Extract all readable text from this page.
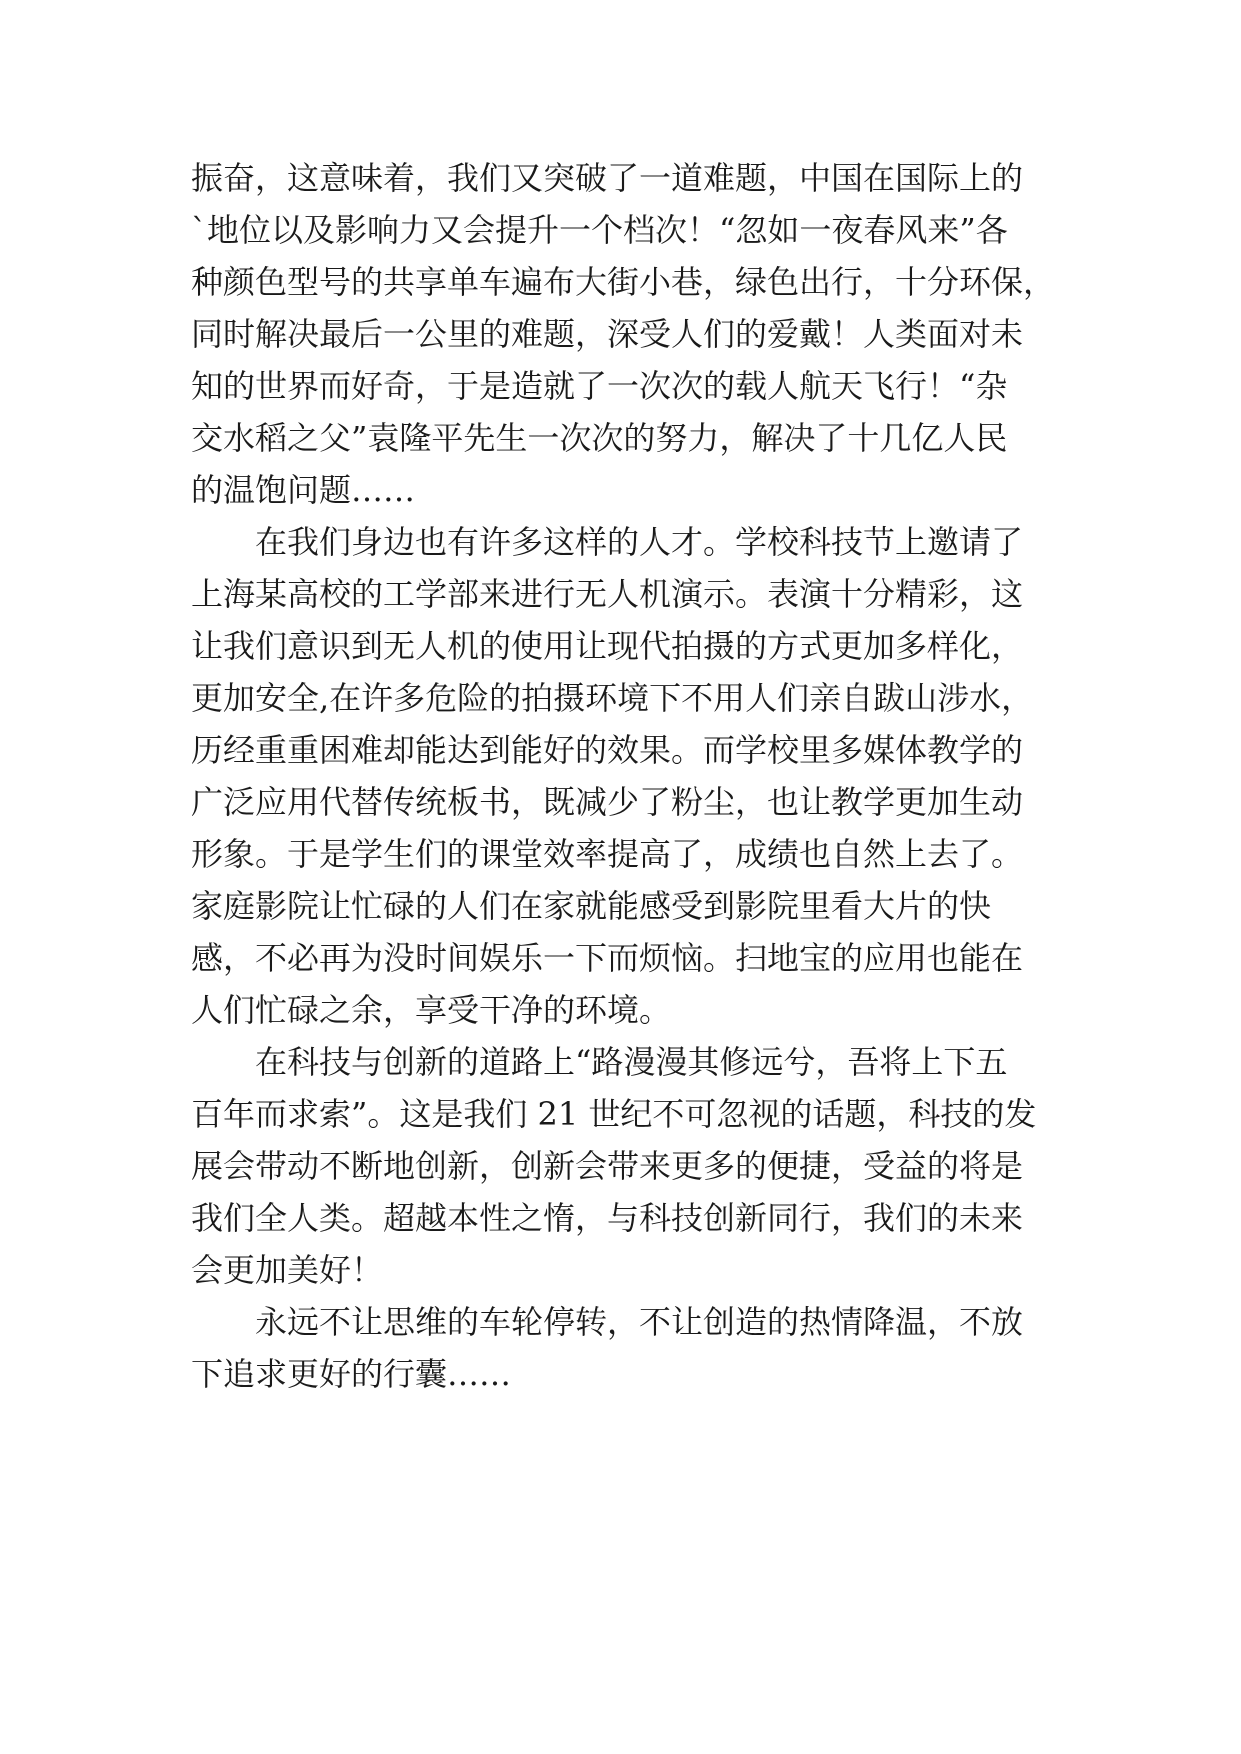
振奋，这意味着，我们又突破了一道难题，中国在国际上的
`地位以及影响力又会提升一个档次！“忽如一夜春风来”各
种颜色型号的共享单车遍布大街小巷，绿色出行，十分环保，
同时解决最后一公里的难题，深受人们的爱戴！人类面对未
知的世界而好奇，于是造就了一次次的载人航天飞行！“杂
交水稻之父”袁隆平先生一次次的努力，解决了十几亿人民
的温饱问题……
在我们身边也有许多这样的人才。学校科技节上邀请了
上海某高校的工学部来进行无人机演示。表演十分精彩，这
让我们意识到无人机的使用让现代拍摄的方式更加多样化，
更加安全,在许多危险的拍摄环境下不用人们亲自跋山涉水，
历经重重困难却能达到能好的效果。而学校里多媒体教学的
广泛应用代替传统板书，既减少了粉尘，也让教学更加生动
形象。于是学生们的课堂效率提高了，成绩也自然上去了。
家庭影院让忙碌的人们在家就能感受到影院里看大片的快
感，不必再为没时间娱乐一下而烦恼。扫地宝的应用也能在
人们忙碌之余，享受干净的环境。
在科技与创新的道路上“路漫漫其修远兮，吾将上下五
百年而求索”。这是我们 21 世纪不可忽视的话题，科技的发
展会带动不断地创新，创新会带来更多的便捷，受益的将是
我们全人类。超越本性之惰，与科技创新同行，我们的未来
会更加美好！
永远不让思维的车轮停转，不让创造的热情降温，不放
下追求更好的行囊……
